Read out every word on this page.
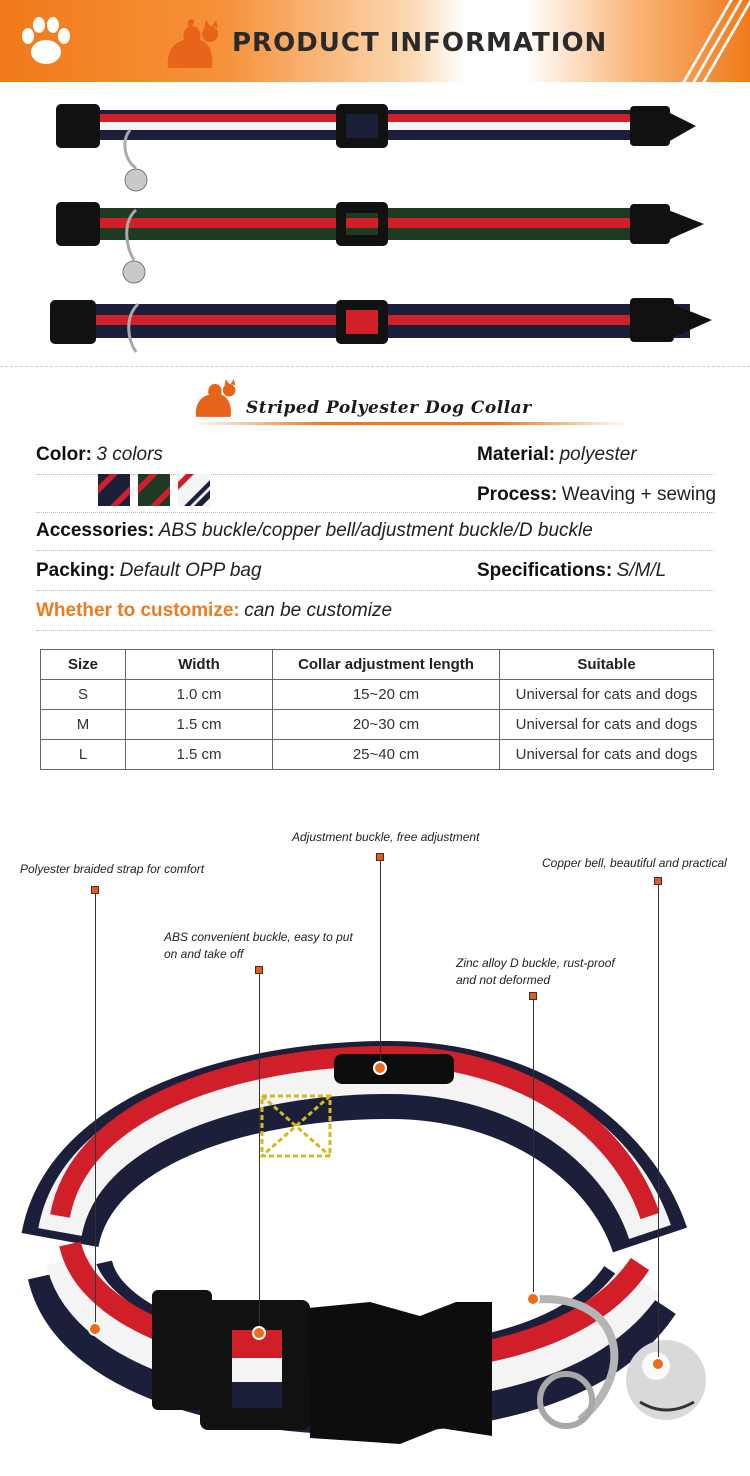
PRODUCT INFORMATION
Striped Polyester Dog Collar
Color: 3 colors	Material: polyester
Process: Weaving + sewing
Accessories: ABS buckle/copper bell/adjustment buckle/D buckle
Packing: Default OPP bag	Specifications: S/M/L
Whether to customize: can be customize
Size	Width	Collar adjustment length	Suitable
S	1.0 cm	15~20 cm	Universal for cats and dogs
M	1.5 cm	20~30 cm	Universal for cats and dogs
L	1.5 cm	25~40 cm	Universal for cats and dogs
Polyester braided strap for comfort
Adjustment buckle, free adjustment
Copper bell, beautiful and practical
ABS convenient buckle, easy to put on and take off
Zinc alloy D buckle, rust-proof and not deformed
